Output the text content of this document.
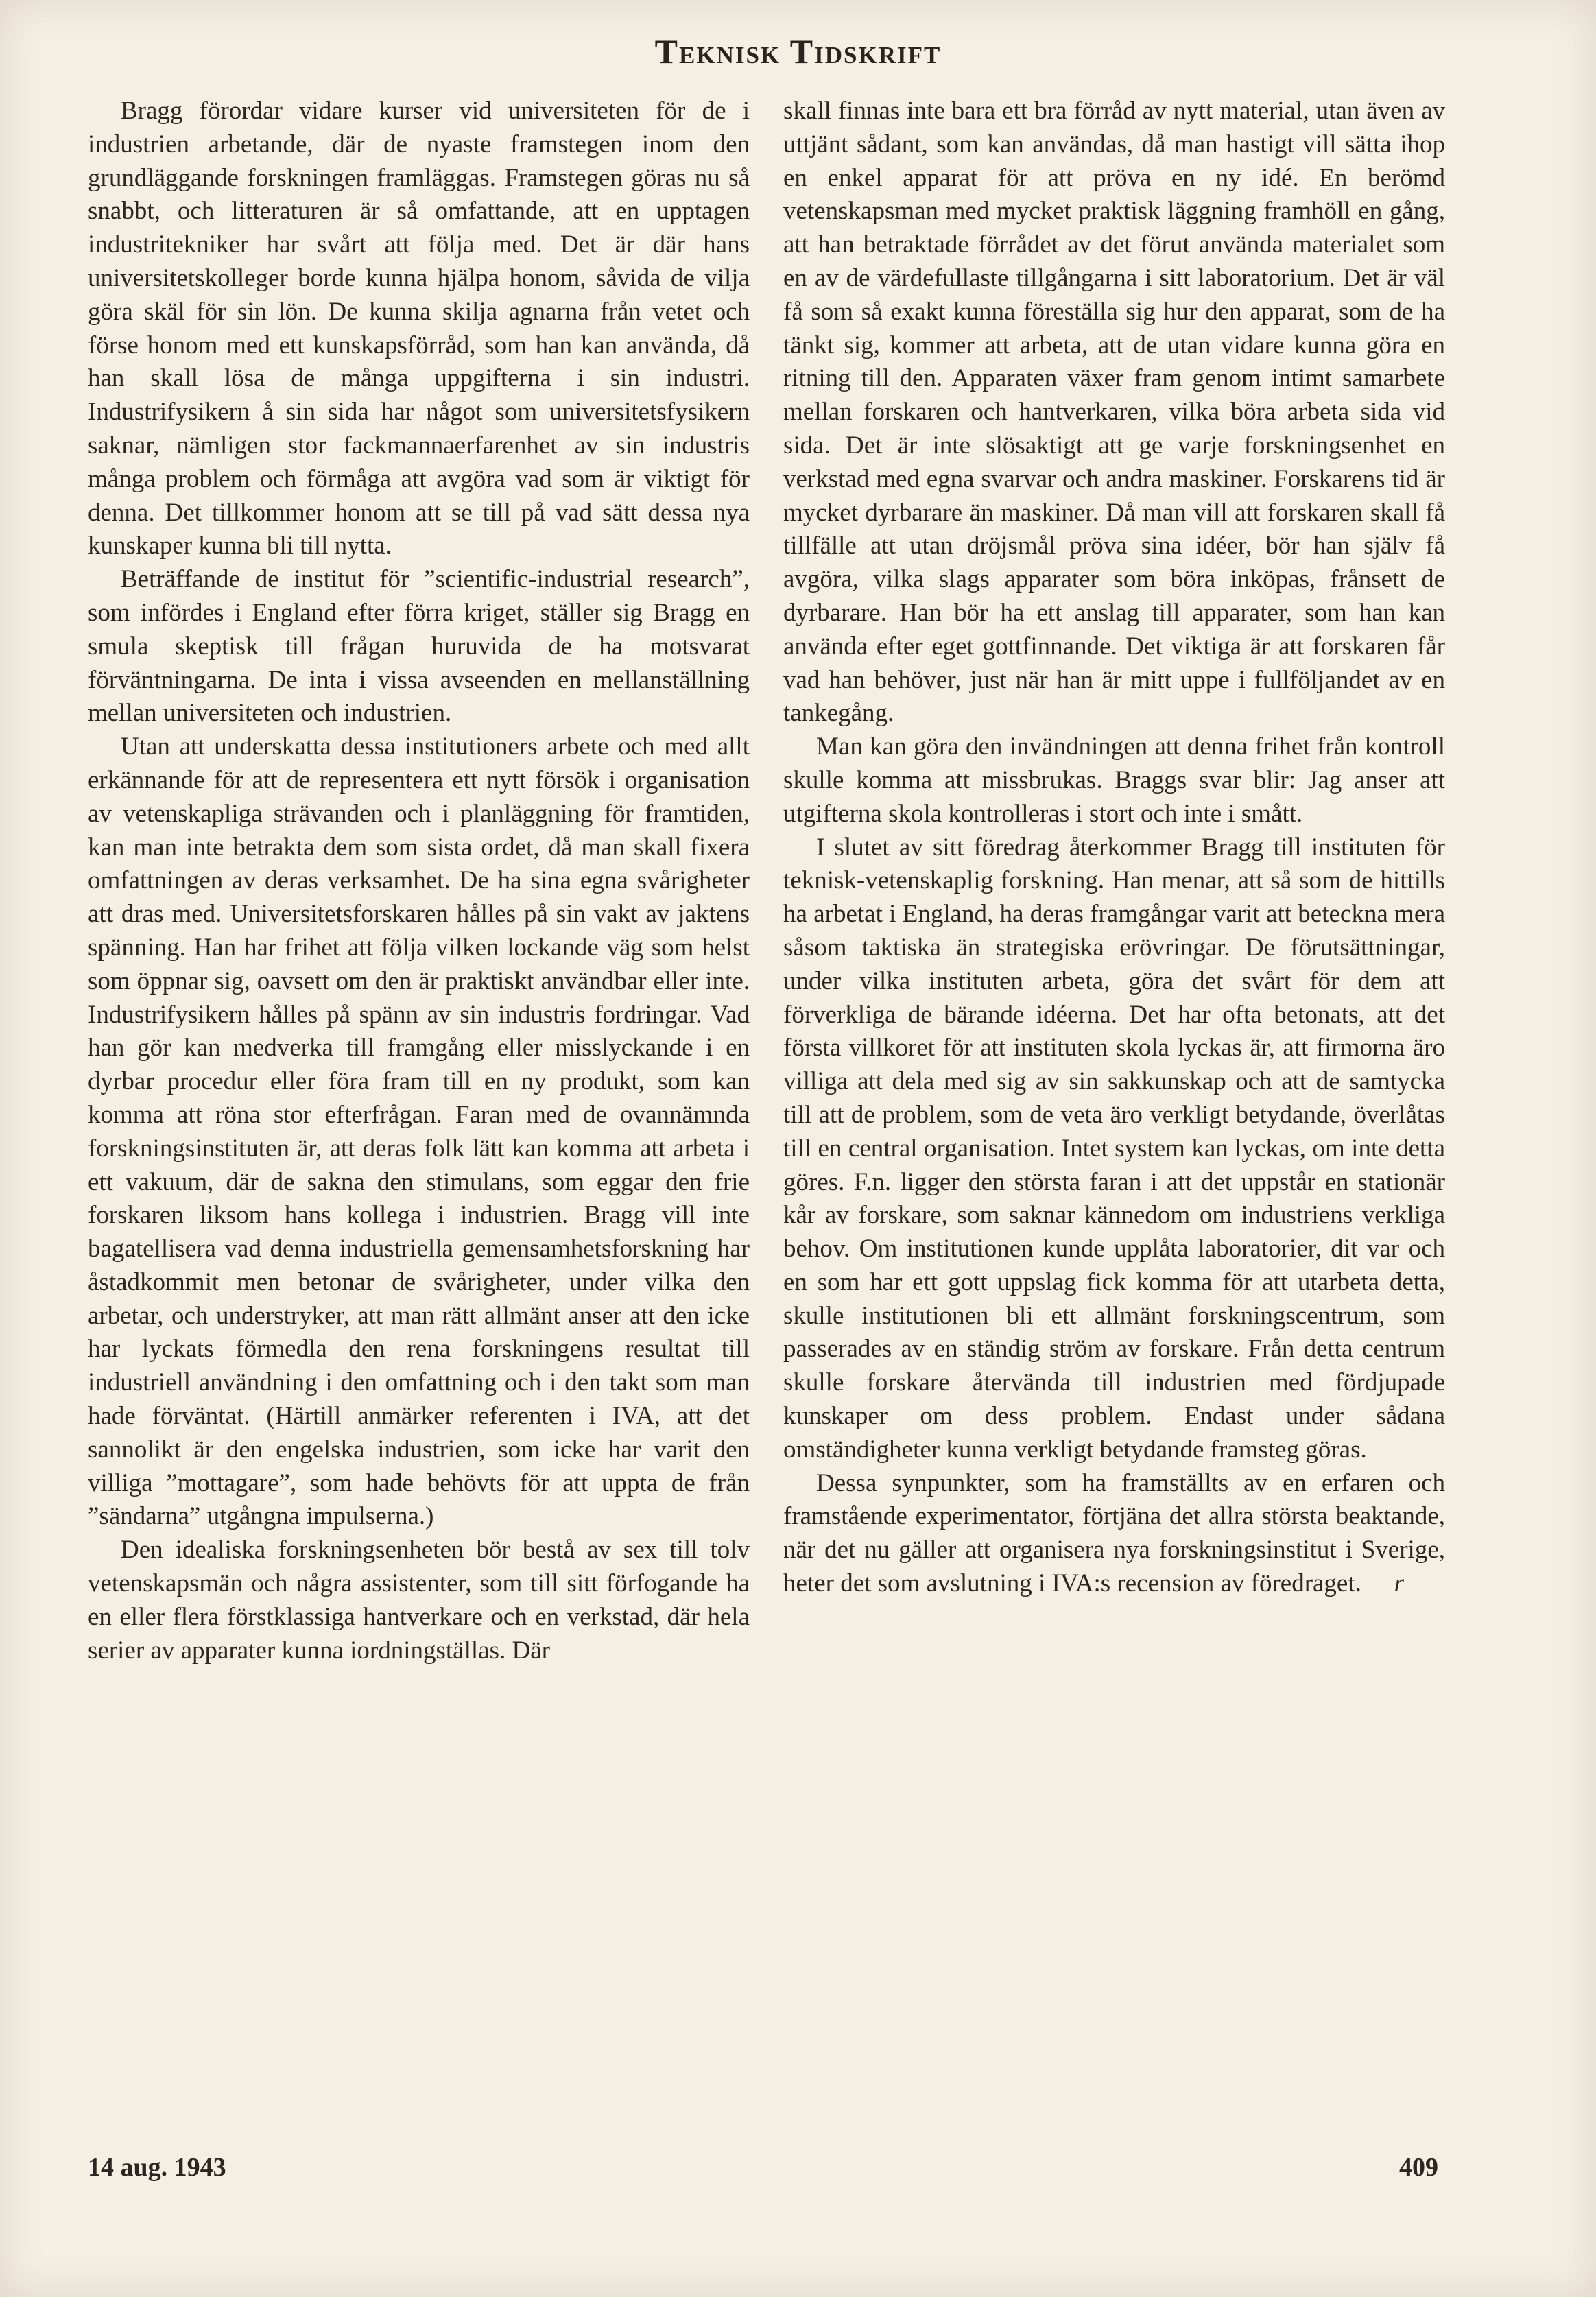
Teknisk Tidskrift

Bragg förordar vidare kurser vid universiteten för de i industrien arbetande, där de nyaste framstegen inom den grundläggande forskningen framläggas. Framstegen göras nu så snabbt, och litteraturen är så omfattande, att en upptagen industritekniker har svårt att följa med. Det är där hans universitetskolleger borde kunna hjälpa honom, såvida de vilja göra skäl för sin lön. De kunna skilja agnarna från vetet och förse honom med ett kunskapsförråd, som han kan använda, då han skall lösa de många uppgifterna i sin industri. Industrifysikern å sin sida har något som universitetsfysikern saknar, nämligen stor fackmannaerfarenhet av sin industris många problem och förmåga att avgöra vad som är viktigt för denna. Det tillkommer honom att se till på vad sätt dessa nya kunskaper kunna bli till nytta.

Beträffande de institut för ”scientific-industrial research”, som infördes i England efter förra kriget, ställer sig Bragg en smula skeptisk till frågan huruvida de ha motsvarat förväntningarna. De inta i vissa avseenden en mellanställning mellan universiteten och industrien.

Utan att underskatta dessa institutioners arbete och med allt erkännande för att de representera ett nytt försök i organisation av vetenskapliga strävanden och i planläggning för framtiden, kan man inte betrakta dem som sista ordet, då man skall fixera omfattningen av deras verksamhet. De ha sina egna svårigheter att dras med. Universitetsforskaren hålles på sin vakt av jaktens spänning. Han har frihet att följa vilken lockande väg som helst som öppnar sig, oavsett om den är praktiskt användbar eller inte. Industrifysikern hålles på spänn av sin industris fordringar. Vad han gör kan medverka till framgång eller misslyckande i en dyrbar procedur eller föra fram till en ny produkt, som kan komma att röna stor efterfrågan. Faran med de ovannämnda forskningsinstituten är, att deras folk lätt kan komma att arbeta i ett vakuum, där de sakna den stimulans, som eggar den frie forskaren liksom hans kollega i industrien. Bragg vill inte bagatellisera vad denna industriella gemensamhetsforskning har åstadkommit men betonar de svårigheter, under vilka den arbetar, och understryker, att man rätt allmänt anser att den icke har lyckats förmedla den rena forskningens resultat till industriell användning i den omfattning och i den takt som man hade förväntat. (Härtill anmärker referenten i IVA, att det sannolikt är den engelska industrien, som icke har varit den villiga ”mottagare”, som hade behövts för att uppta de från ”sändarna” utgångna impulserna.)

Den idealiska forskningsenheten bör bestå av sex till tolv vetenskapsmän och några assistenter, som till sitt förfogande ha en eller flera förstklassiga hantverkare och en verkstad, där hela serier av apparater kunna iordningställas. Där

skall finnas inte bara ett bra förråd av nytt material, utan även av uttjänt sådant, som kan användas, då man hastigt vill sätta ihop en enkel apparat för att pröva en ny idé. En berömd vetenskapsman med mycket praktisk läggning framhöll en gång, att han betraktade förrådet av det förut använda materialet som en av de värdefullaste tillgångarna i sitt laboratorium. Det är väl få som så exakt kunna föreställa sig hur den apparat, som de ha tänkt sig, kommer att arbeta, att de utan vidare kunna göra en ritning till den. Apparaten växer fram genom intimt samarbete mellan forskaren och hantverkaren, vilka böra arbeta sida vid sida. Det är inte slösaktigt att ge varje forskningsenhet en verkstad med egna svarvar och andra maskiner. Forskarens tid är mycket dyrbarare än maskiner. Då man vill att forskaren skall få tillfälle att utan dröjsmål pröva sina idéer, bör han själv få avgöra, vilka slags apparater som böra inköpas, frånsett de dyrbarare. Han bör ha ett anslag till apparater, som han kan använda efter eget gottfinnande. Det viktiga är att forskaren får vad han behöver, just när han är mitt uppe i fullföljandet av en tankegång.

Man kan göra den invändningen att denna frihet från kontroll skulle komma att missbrukas. Braggs svar blir: Jag anser att utgifterna skola kontrolleras i stort och inte i smått.

I slutet av sitt föredrag återkommer Bragg till instituten för teknisk-vetenskaplig forskning. Han menar, att så som de hittills ha arbetat i England, ha deras framgångar varit att beteckna mera såsom taktiska än strategiska erövringar. De förutsättningar, under vilka instituten arbeta, göra det svårt för dem att förverkliga de bärande idéerna. Det har ofta betonats, att det första villkoret för att instituten skola lyckas är, att firmorna äro villiga att dela med sig av sin sakkunskap och att de samtycka till att de problem, som de veta äro verkligt betydande, överlåtas till en central organisation. Intet system kan lyckas, om inte detta göres. F.n. ligger den största faran i att det uppstår en stationär kår av forskare, som saknar kännedom om industriens verkliga behov. Om institutionen kunde upplåta laboratorier, dit var och en som har ett gott uppslag fick komma för att utarbeta detta, skulle institutionen bli ett allmänt forskningscentrum, som passerades av en ständig ström av forskare. Från detta centrum skulle forskare återvända till industrien med fördjupade kunskaper om dess problem. Endast under sådana omständigheter kunna verkligt betydande framsteg göras.

Dessa synpunkter, som ha framställts av en erfaren och framstående experimentator, förtjäna det allra största beaktande, när det nu gäller att organisera nya forskningsinstitut i Sverige, heter det som avslutning i IVA:s recension av föredraget.	r
14 aug. 1943	409
